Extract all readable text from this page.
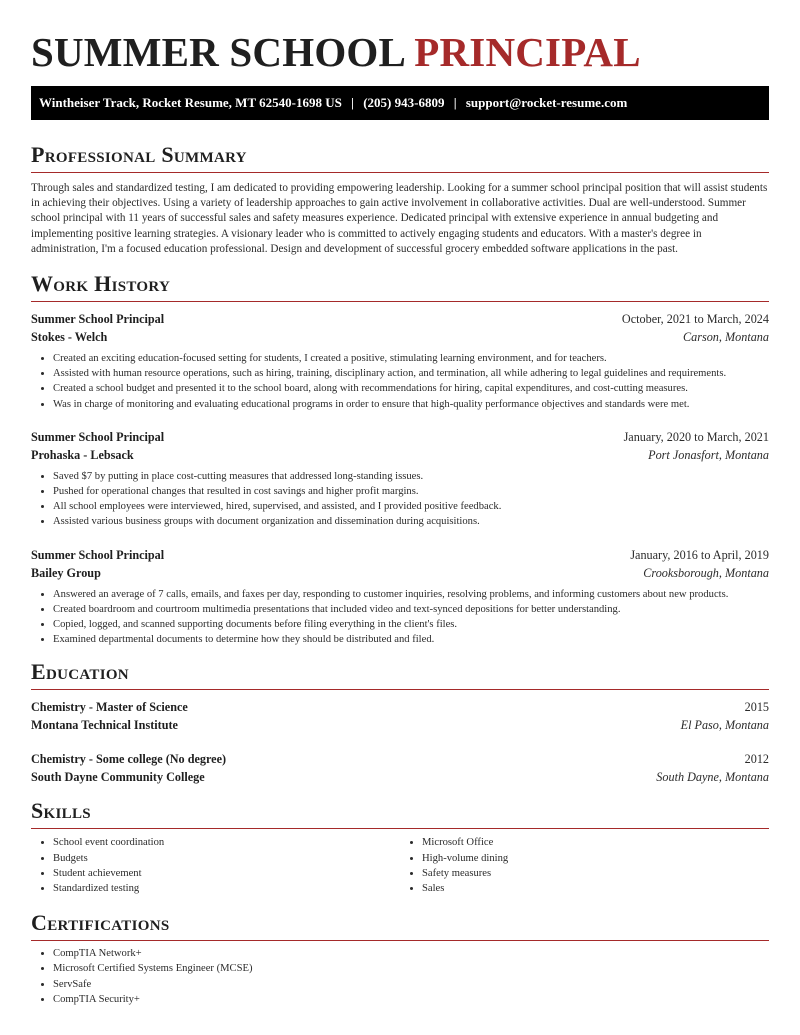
SUMMER SCHOOL PRINCIPAL
Wintheiser Track, Rocket Resume, MT 62540-1698 US | (205) 943-6809 | support@rocket-resume.com
Professional Summary
Through sales and standardized testing, I am dedicated to providing empowering leadership. Looking for a summer school principal position that will assist students in achieving their objectives. Using a variety of leadership approaches to gain active involvement in collaborative activities. Dual are well-understood. Summer school principal with 11 years of successful sales and safety measures experience. Dedicated principal with extensive experience in annual budgeting and implementing positive learning strategies. A visionary leader who is committed to actively engaging students and educators. With a master's degree in administration, I'm a focused education professional. Design and development of successful grocery embedded software applications in the past.
Work History
Summer School Principal	October, 2021 to March, 2024
Stokes - Welch	Carson, Montana
• Created an exciting education-focused setting for students, I created a positive, stimulating learning environment, and for teachers.
• Assisted with human resource operations, such as hiring, training, disciplinary action, and termination, all while adhering to legal guidelines and requirements.
• Created a school budget and presented it to the school board, along with recommendations for hiring, capital expenditures, and cost-cutting measures.
• Was in charge of monitoring and evaluating educational programs in order to ensure that high-quality performance objectives and standards were met.
Summer School Principal	January, 2020 to March, 2021
Prohaska - Lebsack	Port Jonasfort, Montana
• Saved $7 by putting in place cost-cutting measures that addressed long-standing issues.
• Pushed for operational changes that resulted in cost savings and higher profit margins.
• All school employees were interviewed, hired, supervised, and assisted, and I provided positive feedback.
• Assisted various business groups with document organization and dissemination during acquisitions.
Summer School Principal	January, 2016 to April, 2019
Bailey Group	Crooksborough, Montana
• Answered an average of 7 calls, emails, and faxes per day, responding to customer inquiries, resolving problems, and informing customers about new products.
• Created boardroom and courtroom multimedia presentations that included video and text-synced depositions for better understanding.
• Copied, logged, and scanned supporting documents before filing everything in the client's files.
• Examined departmental documents to determine how they should be distributed and filed.
Education
Chemistry - Master of Science	2015
Montana Technical Institute	El Paso, Montana
Chemistry - Some college (No degree)	2012
South Dayne Community College	South Dayne, Montana
Skills
• School event coordination
• Budgets
• Student achievement
• Standardized testing
• Microsoft Office
• High-volume dining
• Safety measures
• Sales
Certifications
• CompTIA Network+
• Microsoft Certified Systems Engineer (MCSE)
• ServSafe
• CompTIA Security+
